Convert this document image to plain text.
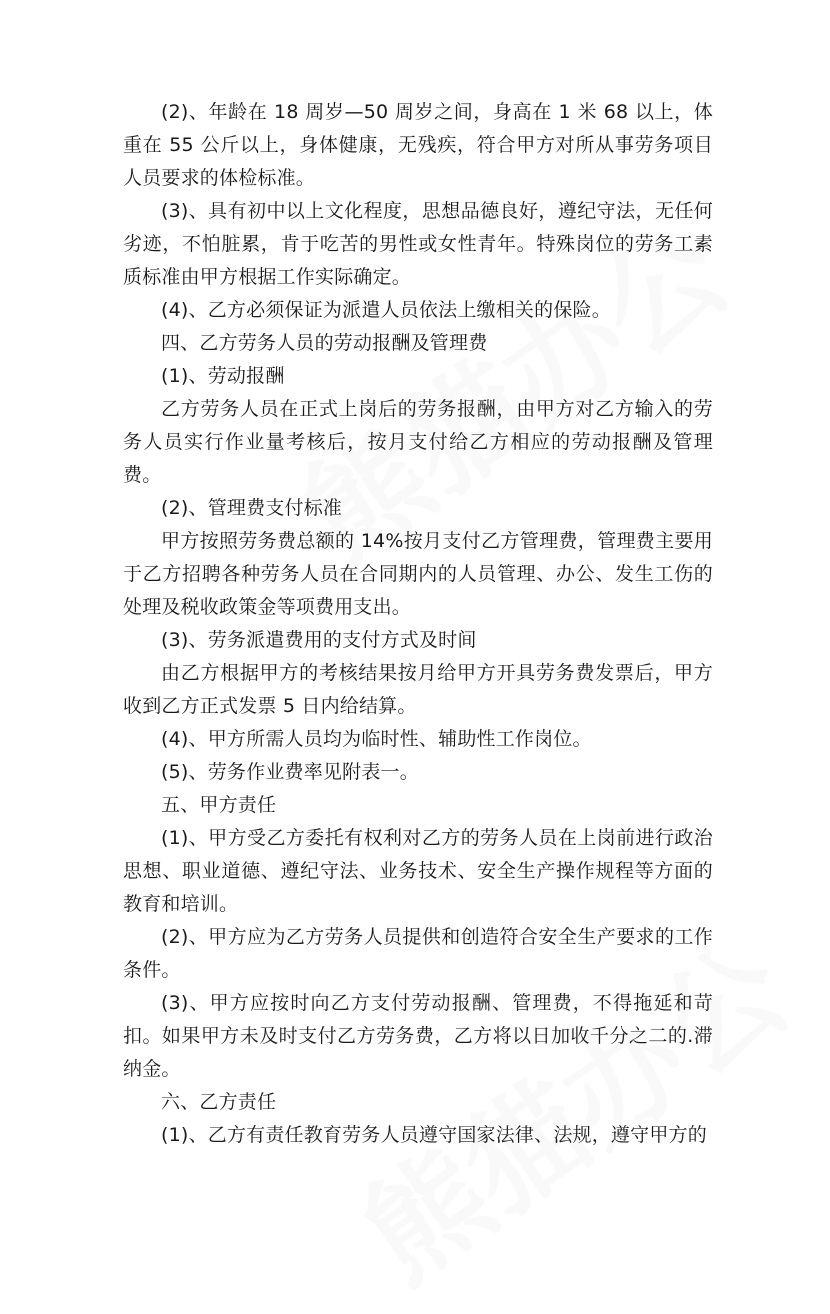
(2)、年龄在 18 周岁—50 周岁之间，身高在 1 米 68 以上，体重在 55 公斤以上，身体健康，无残疾，符合甲方对所从事劳务项目人员要求的体检标准。

(3)、具有初中以上文化程度，思想品德良好，遵纪守法，无任何劣迹，不怕脏累，肯于吃苦的男性或女性青年。特殊岗位的劳务工素质标准由甲方根据工作实际确定。

(4)、乙方必须保证为派遣人员依法上缴相关的保险。

四、乙方劳务人员的劳动报酬及管理费

(1)、劳动报酬

乙方劳务人员在正式上岗后的劳务报酬，由甲方对乙方输入的劳务人员实行作业量考核后，按月支付给乙方相应的劳动报酬及管理费。

(2)、管理费支付标准

甲方按照劳务费总额的 14%按月支付乙方管理费，管理费主要用于乙方招聘各种劳务人员在合同期内的人员管理、办公、发生工伤的处理及税收政策金等项费用支出。

(3)、劳务派遣费用的支付方式及时间

由乙方根据甲方的考核结果按月给甲方开具劳务费发票后，甲方收到乙方正式发票 5 日内给结算。

(4)、甲方所需人员均为临时性、辅助性工作岗位。

(5)、劳务作业费率见附表一。

五、甲方责任

(1)、甲方受乙方委托有权利对乙方的劳务人员在上岗前进行政治思想、职业道德、遵纪守法、业务技术、安全生产操作规程等方面的教育和培训。

(2)、甲方应为乙方劳务人员提供和创造符合安全生产要求的工作条件。

(3)、甲方应按时向乙方支付劳动报酬、管理费，不得拖延和苛扣。如果甲方未及时支付乙方劳务费，乙方将以日加收千分之二的.滞纳金。

六、乙方责任

(1)、乙方有责任教育劳务人员遵守国家法律、法规，遵守甲方的
